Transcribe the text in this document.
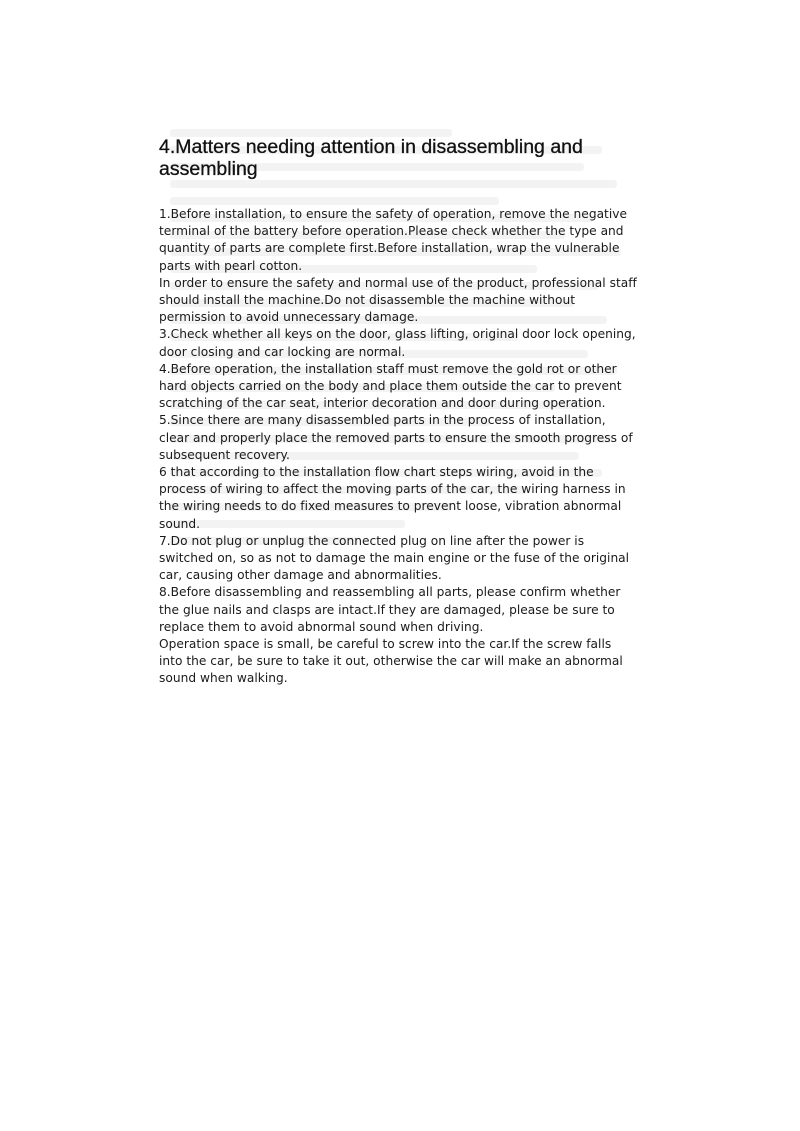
4.Matters needing attention in disassembling and assembling

1.Before installation, to ensure the safety of operation, remove the negative terminal of the battery before operation.Please check whether the type and quantity of parts are complete first.Before installation, wrap the vulnerable parts with pearl cotton.

In order to ensure the safety and normal use of the product, professional staff should install the machine.Do not disassemble the machine without permission to avoid unnecessary damage.

3.Check whether all keys on the door, glass lifting, original door lock opening, door closing and car locking are normal.

4.Before operation, the installation staff must remove the gold rot or other hard objects carried on the body and place them outside the car to prevent scratching of the car seat, interior decoration and door during operation.

5.Since there are many disassembled parts in the process of installation, clear and properly place the removed parts to ensure the smooth progress of subsequent recovery.

6 that according to the installation flow chart steps wiring, avoid in the process of wiring to affect the moving parts of the car, the wiring harness in the wiring needs to do fixed measures to prevent loose, vibration abnormal sound.

7.Do not plug or unplug the connected plug on line after the power is switched on, so as not to damage the main engine or the fuse of the original car, causing other damage and abnormalities.

8.Before disassembling and reassembling all parts, please confirm whether the glue nails and clasps are intact.If they are damaged, please be sure to replace them to avoid abnormal sound when driving.

Operation space is small, be careful to screw into the car.If the screw falls into the car, be sure to take it out, otherwise the car will make an abnormal sound when walking.
